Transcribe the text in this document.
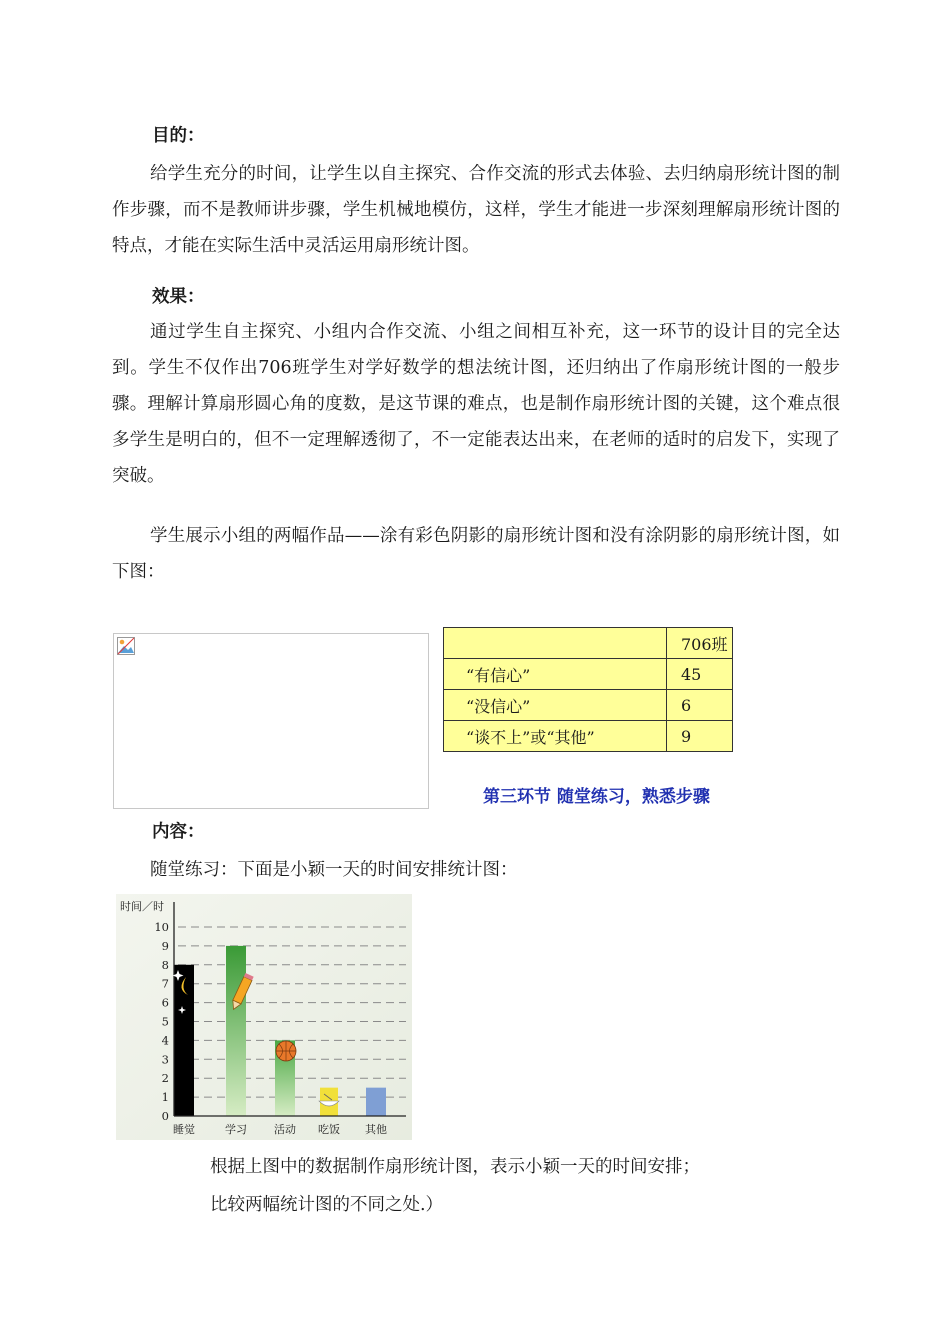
目的：
给学生充分的时间，让学生以自主探究、合作交流的形式去体验、去归纳扇形统计图的制作步骤，而不是教师讲步骤，学生机械地模仿，这样，学生才能进一步深刻理解扇形统计图的特点，才能在实际生活中灵活运用扇形统计图。
效果：
通过学生自主探究、小组内合作交流、小组之间相互补充，这一环节的设计目的完全达到。学生不仅作出706班学生对学好数学的想法统计图，还归纳出了作扇形统计图的一般步骤。理解计算扇形圆心角的度数，是这节课的难点，也是制作扇形统计图的关键，这个难点很多学生是明白的，但不一定理解透彻了，不一定能表达出来，在老师的适时的启发下，实现了突破。
学生展示小组的两幅作品——涂有彩色阴影的扇形统计图和没有涂阴影的扇形统计图，如下图：
	706班
“有信心”	45
“没信心”	6
“谈不上”或“其他”	9
第三环节 随堂练习，熟悉步骤
内容：
随堂练习：下面是小颖一天的时间安排统计图：
时间／时
0
1
2
3
4
5
6
7
8
9
10
睡觉	学习 活动 吃饭 其他
根据上图中的数据制作扇形统计图，表示小颖一天的时间安排；
比较两幅统计图的不同之处.）
